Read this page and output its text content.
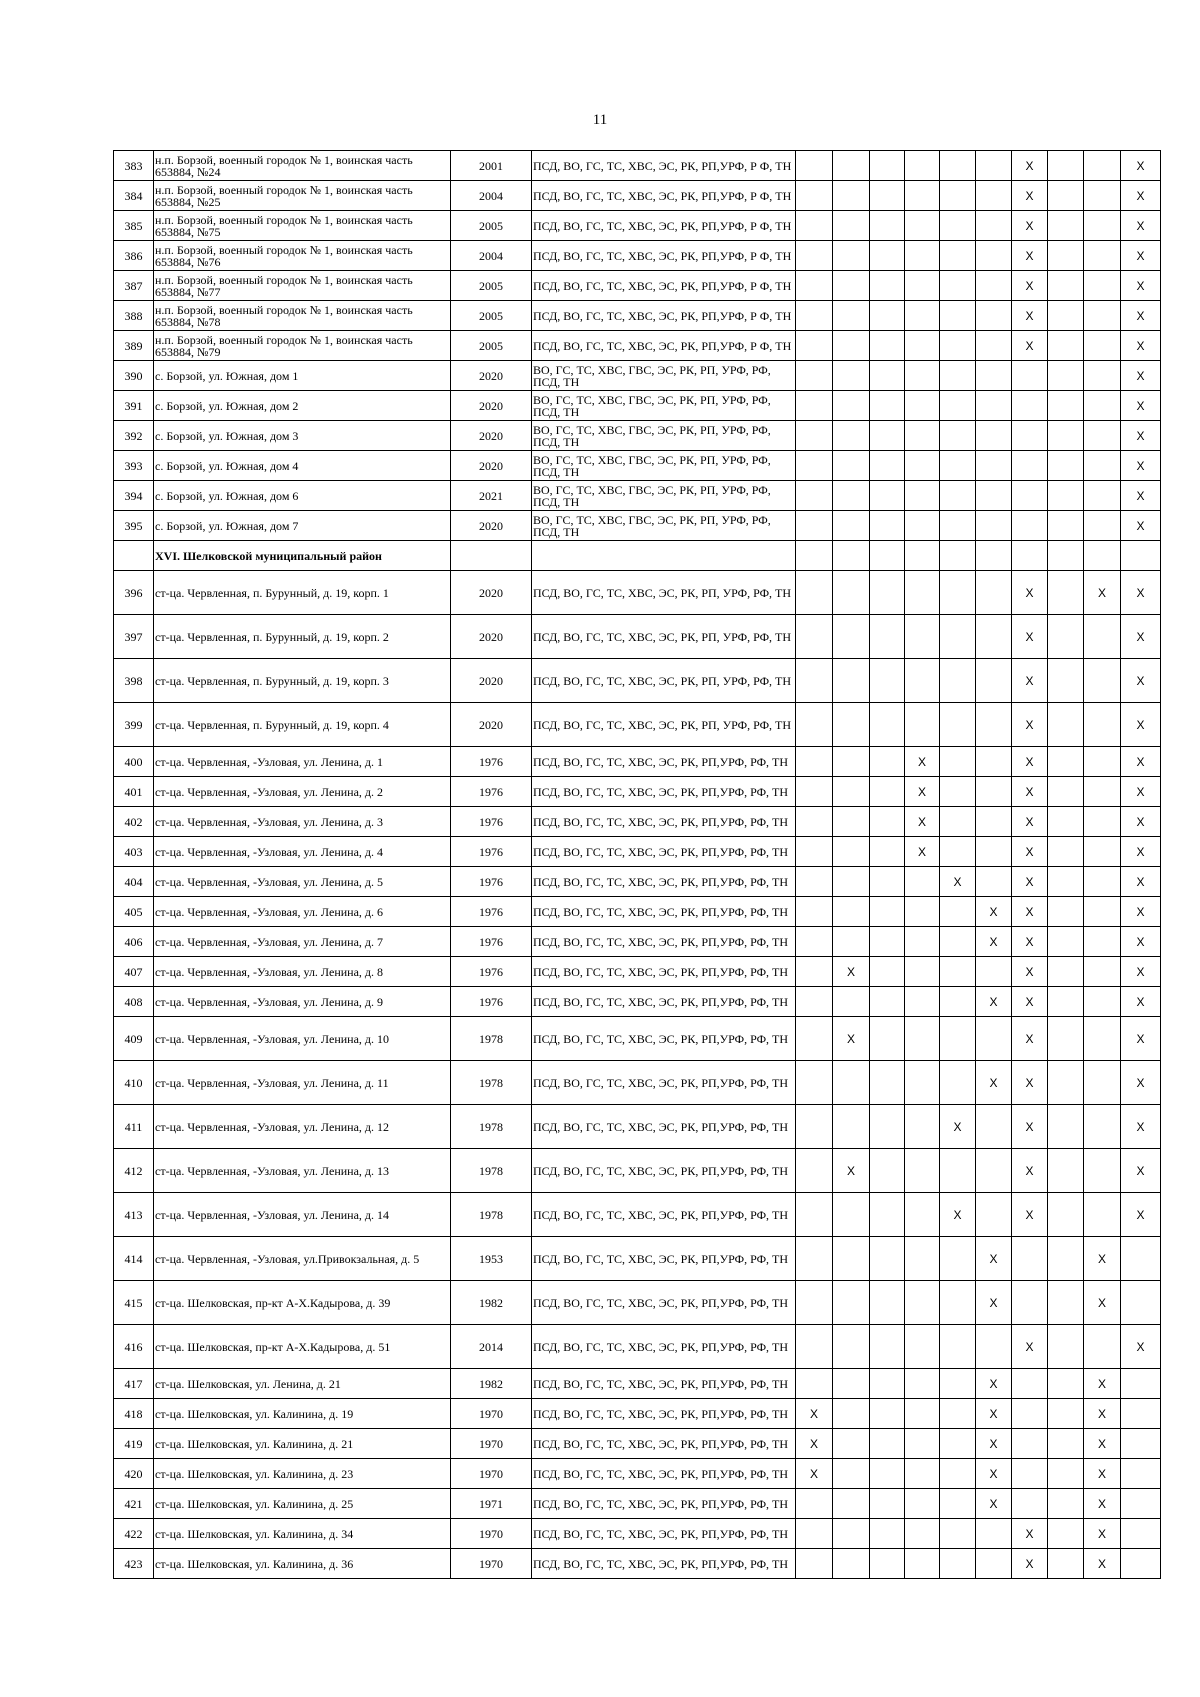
11
383	н.п. Борзой, военный городок № 1, воинская часть 653884, №24	2001	ПСД, ВО, ГС, ТС, ХВС, ЭС, РК, РП,УРФ, Р Ф, ТН							X			X
384	н.п. Борзой, военный городок № 1, воинская часть 653884, №25	2004	ПСД, ВО, ГС, ТС, ХВС, ЭС, РК, РП,УРФ, Р Ф, ТН							X			X
385	н.п. Борзой, военный городок № 1, воинская часть 653884, №75	2005	ПСД, ВО, ГС, ТС, ХВС, ЭС, РК, РП,УРФ, Р Ф, ТН							X			X
386	н.п. Борзой, военный городок № 1, воинская часть 653884, №76	2004	ПСД, ВО, ГС, ТС, ХВС, ЭС, РК, РП,УРФ, Р Ф, ТН							X			X
387	н.п. Борзой, военный городок № 1, воинская часть 653884, №77	2005	ПСД, ВО, ГС, ТС, ХВС, ЭС, РК, РП,УРФ, Р Ф, ТН							X			X
388	н.п. Борзой, военный городок № 1, воинская часть 653884, №78	2005	ПСД, ВО, ГС, ТС, ХВС, ЭС, РК, РП,УРФ, Р Ф, ТН							X			X
389	н.п. Борзой, военный городок № 1, воинская часть 653884, №79	2005	ПСД, ВО, ГС, ТС, ХВС, ЭС, РК, РП,УРФ, Р Ф, ТН							X			X
390	с. Борзой, ул. Южная, дом 1	2020	ВО, ГС, ТС, ХВС, ГВС, ЭС, РК, РП, УРФ, РФ, ПСД, ТН										X
391	с. Борзой, ул. Южная, дом 2	2020	ВО, ГС, ТС, ХВС, ГВС, ЭС, РК, РП, УРФ, РФ, ПСД, ТН										X
392	с. Борзой, ул. Южная, дом 3	2020	ВО, ГС, ТС, ХВС, ГВС, ЭС, РК, РП, УРФ, РФ, ПСД, ТН										X
393	с. Борзой, ул. Южная, дом 4	2020	ВО, ГС, ТС, ХВС, ГВС, ЭС, РК, РП, УРФ, РФ, ПСД, ТН										X
394	с. Борзой, ул. Южная, дом 6	2021	ВО, ГС, ТС, ХВС, ГВС, ЭС, РК, РП, УРФ, РФ, ПСД, ТН										X
395	с. Борзой, ул. Южная, дом 7	2020	ВО, ГС, ТС, ХВС, ГВС, ЭС, РК, РП, УРФ, РФ, ПСД, ТН										X
	XVI. Шелковской муниципальный район												
396	ст-ца. Червленная, п. Бурунный, д. 19, корп. 1	2020	ПСД, ВО, ГС, ТС, ХВС, ЭС, РК, РП, УРФ, РФ, ТН							X		X	X
397	ст-ца. Червленная, п. Бурунный, д. 19, корп. 2	2020	ПСД, ВО, ГС, ТС, ХВС, ЭС, РК, РП, УРФ, РФ, ТН							X			X
398	ст-ца. Червленная, п. Бурунный, д. 19, корп. 3	2020	ПСД, ВО, ГС, ТС, ХВС, ЭС, РК, РП, УРФ, РФ, ТН							X			X
399	ст-ца. Червленная, п. Бурунный, д. 19, корп. 4	2020	ПСД, ВО, ГС, ТС, ХВС, ЭС, РК, РП, УРФ, РФ, ТН							X			X
400	ст-ца. Червленная, -Узловая, ул. Ленина, д. 1	1976	ПСД, ВО, ГС, ТС, ХВС, ЭС, РК, РП,УРФ, РФ, ТН				X			X			X
401	ст-ца. Червленная, -Узловая, ул. Ленина, д. 2	1976	ПСД, ВО, ГС, ТС, ХВС, ЭС, РК, РП,УРФ, РФ, ТН				X			X			X
402	ст-ца. Червленная, -Узловая, ул. Ленина, д. 3	1976	ПСД, ВО, ГС, ТС, ХВС, ЭС, РК, РП,УРФ, РФ, ТН				X			X			X
403	ст-ца. Червленная, -Узловая, ул. Ленина, д. 4	1976	ПСД, ВО, ГС, ТС, ХВС, ЭС, РК, РП,УРФ, РФ, ТН				X			X			X
404	ст-ца. Червленная, -Узловая, ул. Ленина, д. 5	1976	ПСД, ВО, ГС, ТС, ХВС, ЭС, РК, РП,УРФ, РФ, ТН					X		X			X
405	ст-ца. Червленная, -Узловая, ул. Ленина, д. 6	1976	ПСД, ВО, ГС, ТС, ХВС, ЭС, РК, РП,УРФ, РФ, ТН						X	X			X
406	ст-ца. Червленная, -Узловая, ул. Ленина, д. 7	1976	ПСД, ВО, ГС, ТС, ХВС, ЭС, РК, РП,УРФ, РФ, ТН						X	X			X
407	ст-ца. Червленная, -Узловая, ул. Ленина, д. 8	1976	ПСД, ВО, ГС, ТС, ХВС, ЭС, РК, РП,УРФ, РФ, ТН		X					X			X
408	ст-ца. Червленная, -Узловая, ул. Ленина, д. 9	1976	ПСД, ВО, ГС, ТС, ХВС, ЭС, РК, РП,УРФ, РФ, ТН						X	X			X
409	ст-ца. Червленная, -Узловая, ул. Ленина, д. 10	1978	ПСД, ВО, ГС, ТС, ХВС, ЭС, РК, РП,УРФ, РФ, ТН		X					X			X
410	ст-ца. Червленная, -Узловая, ул. Ленина, д. 11	1978	ПСД, ВО, ГС, ТС, ХВС, ЭС, РК, РП,УРФ, РФ, ТН						X	X			X
411	ст-ца. Червленная, -Узловая, ул. Ленина, д. 12	1978	ПСД, ВО, ГС, ТС, ХВС, ЭС, РК, РП,УРФ, РФ, ТН					X		X			X
412	ст-ца. Червленная, -Узловая, ул. Ленина, д. 13	1978	ПСД, ВО, ГС, ТС, ХВС, ЭС, РК, РП,УРФ, РФ, ТН		X					X			X
413	ст-ца. Червленная, -Узловая, ул. Ленина, д. 14	1978	ПСД, ВО, ГС, ТС, ХВС, ЭС, РК, РП,УРФ, РФ, ТН					X		X			X
414	ст-ца. Червленная, -Узловая, ул.Привокзальная, д. 5	1953	ПСД, ВО, ГС, ТС, ХВС, ЭС, РК, РП,УРФ, РФ, ТН						X			X	
415	ст-ца. Шелковская, пр-кт А-Х.Кадырова, д. 39	1982	ПСД, ВО, ГС, ТС, ХВС, ЭС, РК, РП,УРФ, РФ, ТН						X			X	
416	ст-ца. Шелковская, пр-кт А-Х.Кадырова, д. 51	2014	ПСД, ВО, ГС, ТС, ХВС, ЭС, РК, РП,УРФ, РФ, ТН							X			X
417	ст-ца. Шелковская, ул. Ленина, д. 21	1982	ПСД, ВО, ГС, ТС, ХВС, ЭС, РК, РП,УРФ, РФ, ТН						X			X	
418	ст-ца. Шелковская, ул. Калинина, д. 19	1970	ПСД, ВО, ГС, ТС, ХВС, ЭС, РК, РП,УРФ, РФ, ТН	X					X			X	
419	ст-ца. Шелковская, ул. Калинина, д. 21	1970	ПСД, ВО, ГС, ТС, ХВС, ЭС, РК, РП,УРФ, РФ, ТН	X					X			X	
420	ст-ца. Шелковская, ул. Калинина, д. 23	1970	ПСД, ВО, ГС, ТС, ХВС, ЭС, РК, РП,УРФ, РФ, ТН	X					X			X	
421	ст-ца. Шелковская, ул. Калинина, д. 25	1971	ПСД, ВО, ГС, ТС, ХВС, ЭС, РК, РП,УРФ, РФ, ТН						X			X	
422	ст-ца. Шелковская, ул. Калинина, д. 34	1970	ПСД, ВО, ГС, ТС, ХВС, ЭС, РК, РП,УРФ, РФ, ТН							X		X	
423	ст-ца. Шелковская, ул. Калинина, д. 36	1970	ПСД, ВО, ГС, ТС, ХВС, ЭС, РК, РП,УРФ, РФ, ТН							X		X	
